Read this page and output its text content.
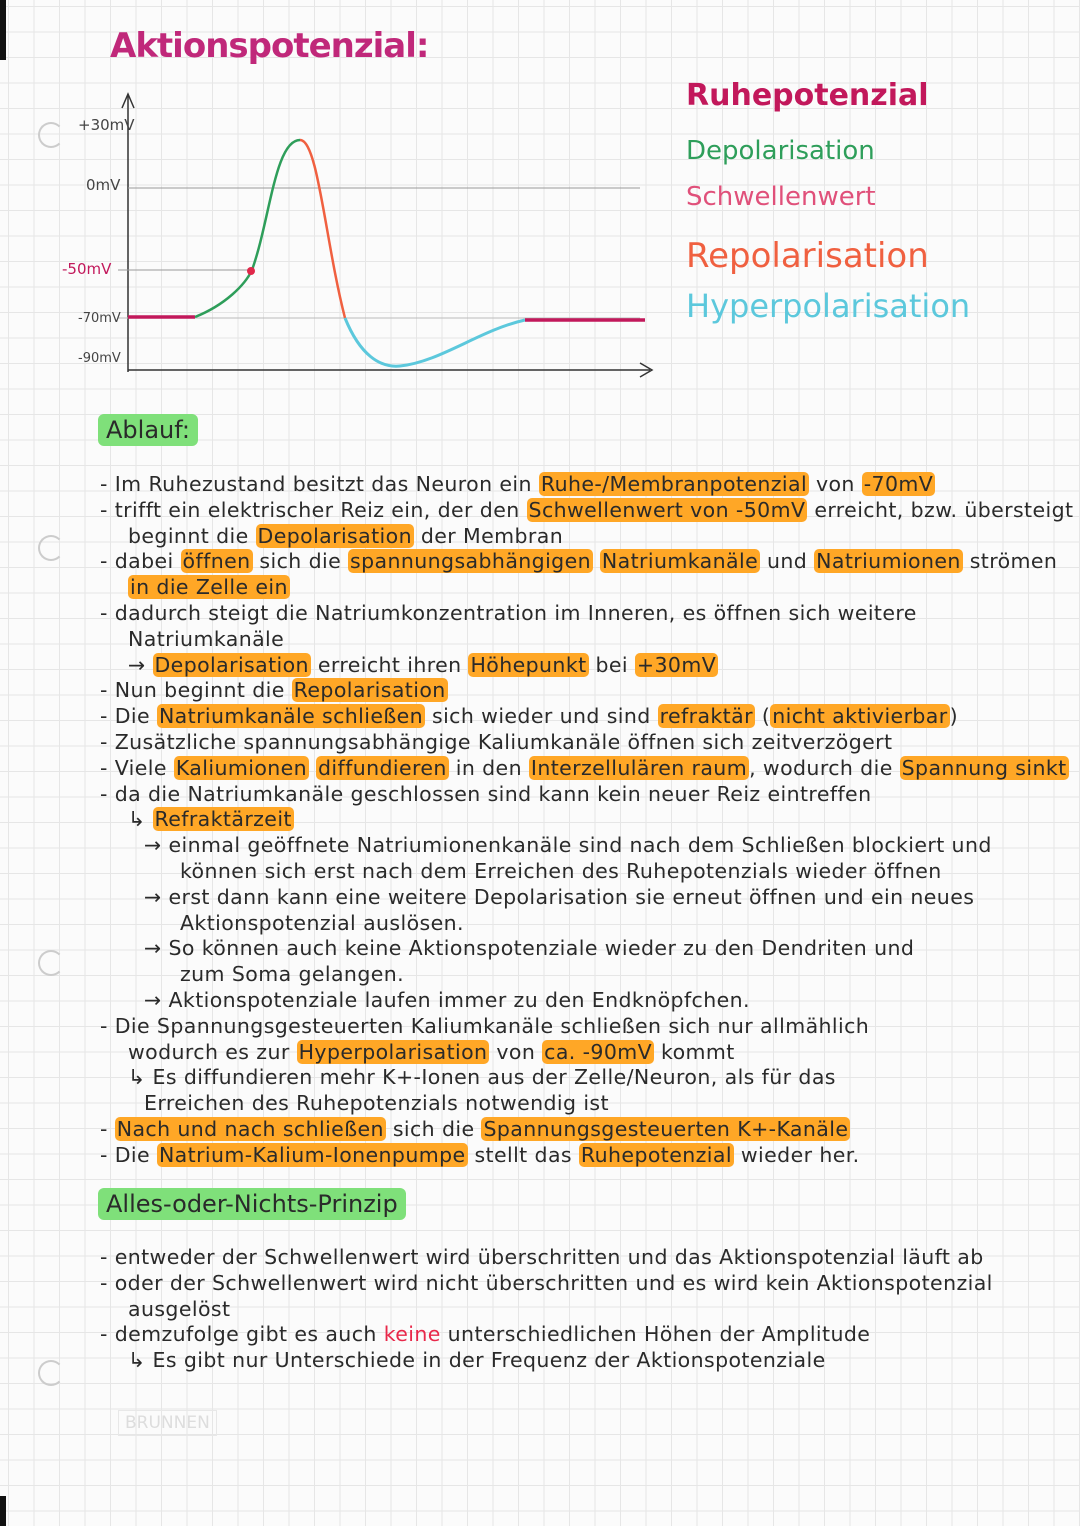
Aktionspotenzial:
+30mV
0mV
-50mV
-70mV
-90mV
Ruhepotenzial
Depolarisation
Schwellenwert
Repolarisation
Hyperpolarisation
Ablauf:
- Im Ruhezustand besitzt das Neuron ein Ruhe-/Membranpotenzial von -70mV
- trifft ein elektrischer Reiz ein, der den Schwellenwert von -50mV erreicht, bzw. übersteigt
beginnt die Depolarisation der Membran
- dabei öffnen sich die spannungsabhängigen Natriumkanäle und Natriumionen strömen
in die Zelle ein
- dadurch steigt die Natriumkonzentration im Inneren, es öffnen sich weitere
Natriumkanäle
→ Depolarisation erreicht ihren Höhepunkt bei +30mV
- Nun beginnt die Repolarisation
- Die Natriumkanäle schließen sich wieder und sind refraktär (nicht aktivierbar)
- Zusätzliche spannungsabhängige Kaliumkanäle öffnen sich zeitverzögert
- Viele Kaliumionen diffundieren in den Interzellulären raum, wodurch die Spannung sinkt
- da die Natriumkanäle geschlossen sind kann kein neuer Reiz eintreffen
↳ Refraktärzeit
→ einmal geöffnete Natriumionenkanäle sind nach dem Schließen blockiert und
können sich erst nach dem Erreichen des Ruhepotenzials wieder öffnen
→ erst dann kann eine weitere Depolarisation sie erneut öffnen und ein neues
Aktionspotenzial auslösen.
→ So können auch keine Aktionspotenziale wieder zu den Dendriten und
zum Soma gelangen.
→ Aktionspotenziale laufen immer zu den Endknöpfchen.
- Die Spannungsgesteuerten Kaliumkanäle schließen sich nur allmählich
wodurch es zur Hyperpolarisation von ca. -90mV kommt
↳ Es diffundieren mehr K+-Ionen aus der Zelle/Neuron, als für das
Erreichen des Ruhepotenzials notwendig ist
- Nach und nach schließen sich die Spannungsgesteuerten K+-Kanäle
- Die Natrium-Kalium-Ionenpumpe stellt das Ruhepotenzial wieder her.
Alles-oder-Nichts-Prinzip
- entweder der Schwellenwert wird überschritten und das Aktionspotenzial läuft ab
- oder der Schwellenwert wird nicht überschritten und es wird kein Aktionspotenzial
ausgelöst
- demzufolge gibt es auch keine unterschiedlichen Höhen der Amplitude
↳ Es gibt nur Unterschiede in der Frequenz der Aktionspotenziale
BRUNNEN
